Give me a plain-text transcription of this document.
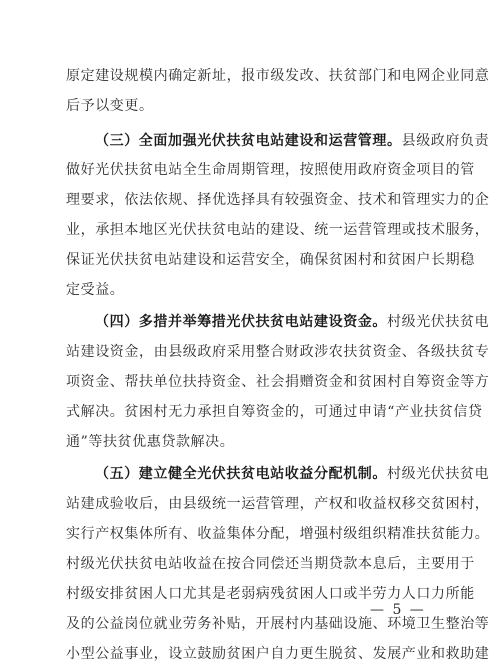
原定建设规模内确定新址，报市级发改、扶贫部门和电网企业同意
后予以变更。
（三）全面加强光伏扶贫电站建设和运营管理。县级政府负责
做好光伏扶贫电站全生命周期管理，按照使用政府资金项目的管
理要求，依法依规、择优选择具有较强资金、技术和管理实力的企
业，承担本地区光伏扶贫电站的建设、统一运营管理或技术服务，
保证光伏扶贫电站建设和运营安全，确保贫困村和贫困户长期稳
定受益。
（四）多措并举筹措光伏扶贫电站建设资金。村级光伏扶贫电
站建设资金，由县级政府采用整合财政涉农扶贫资金、各级扶贫专
项资金、帮扶单位扶持资金、社会捐赠资金和贫困村自筹资金等方
式解决。贫困村无力承担自筹资金的，可通过申请“产业扶贫信贷
通”等扶贫优惠贷款解决。
（五）建立健全光伏扶贫电站收益分配机制。村级光伏扶贫电
站建成验收后，由县级统一运营管理，产权和收益权移交贫困村，
实行产权集体所有、收益集体分配，增强村级组织精准扶贫能力。
村级光伏扶贫电站收益在按合同偿还当期贷款本息后，主要用于
村级安排贫困人口尤其是老弱病残贫困人口或半劳力人口力所能
及的公益岗位就业劳务补贴，开展村内基础设施、环境卫生整治等
小型公益事业，设立鼓励贫困户自力更生脱贫、发展产业和救助建
— 5 —
